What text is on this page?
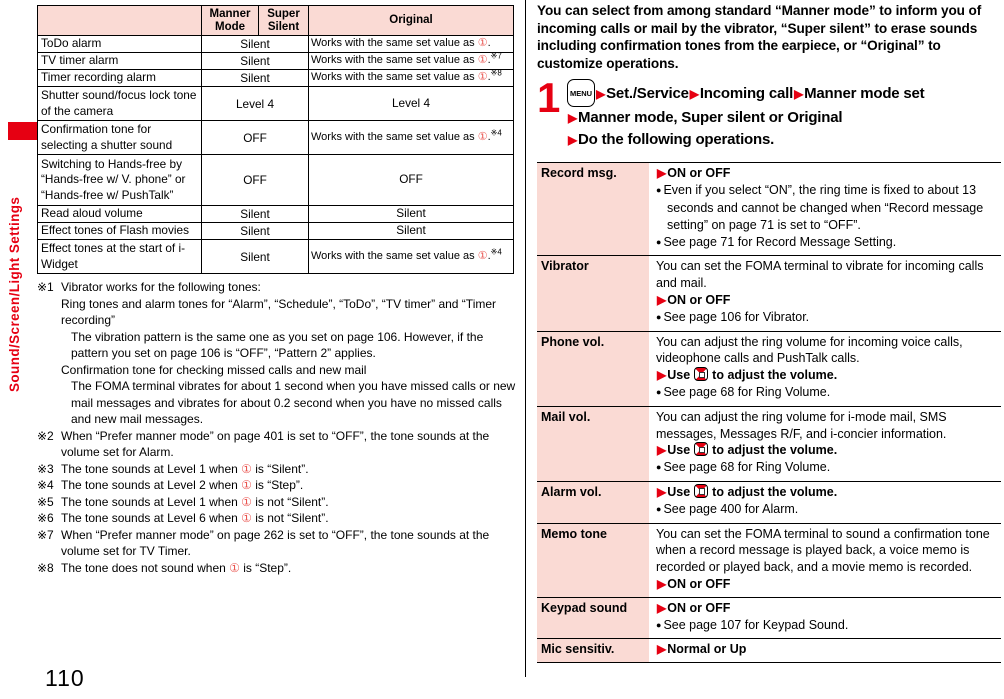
Sound/Screen/Light Settings
110
	Manner Mode	Super Silent	Original
ToDo alarm	Silent		Works with the same set value as ①.
TV timer alarm	Silent		Works with the same set value as ①.$^{※7}$
Timer recording alarm	Silent		Works with the same set value as ①.$^{※8}$
Shutter sound/focus lock tone of the camera	Level 4		Level 4
Confirmation tone for selecting a shutter sound	OFF		Works with the same set value as ①.$^{※4}$
Switching to Hands-free by “Hands-free w/ V. phone” or “Hands-free w/ PushTalk”	OFF		OFF
Read aloud volume	Silent		Silent
Effect tones of Flash movies	Silent		Silent
Effect tones at the start of i-Widget	Silent		Works with the same set value as ①.$^{※4}$
※1 Vibrator works for the following tones:
Ring tones and alarm tones for “Alarm”, “Schedule”, “ToDo”, “TV timer” and “Timer recording”
The vibration pattern is the same one as you set on page 106. However, if the pattern you set on page 106 is “OFF”, “Pattern 2” applies.
Confirmation tone for checking missed calls and new mail
The FOMA terminal vibrates for about 1 second when you have missed calls or new mail messages and vibrates for about 0.2 second when you have no missed calls and new mail messages.
※2 When “Prefer manner mode” on page 401 is set to “OFF”, the tone sounds at the volume set for Alarm.
※3 The tone sounds at Level 1 when ① is “Silent”.
※4 The tone sounds at Level 2 when ① is “Step”.
※5 The tone sounds at Level 1 when ① is not “Silent”.
※6 The tone sounds at Level 6 when ① is not “Silent”.
※7 When “Prefer manner mode” on page 262 is set to “OFF”, the tone sounds at the volume set for TV Timer.
※8 The tone does not sound when ① is “Step”.
You can select from among standard “Manner mode” to inform you of incoming calls or mail by the vibrator, “Super silent” to erase sounds including confirmation tones from the earpiece, or “Original” to customize operations.
1	MENU ▶Set./Service▶Incoming call▶Manner mode set
▶Manner mode, Super silent or Original
▶Do the following operations.
Record msg.	▶ON or OFF
● Even if you select “ON”, the ring time is fixed to about 13 seconds and cannot be changed when “Record message setting” on page 71 is set to “OFF”.
● See page 71 for Record Message Setting.
Vibrator	You can set the FOMA terminal to vibrate for incoming calls and mail.
▶ON or OFF
● See page 106 for Vibrator.
Phone vol.	You can adjust the ring volume for incoming voice calls, videophone calls and PushTalk calls.
▶Use to adjust the volume.
● See page 68 for Ring Volume.
Mail vol.	You can adjust the ring volume for i-mode mail, SMS messages, Messages R/F, and i-concier information.
▶Use to adjust the volume.
● See page 68 for Ring Volume.
Alarm vol.	▶Use to adjust the volume.
● See page 400 for Alarm.
Memo tone	You can set the FOMA terminal to sound a confirmation tone when a record message is played back, a voice memo is recorded or played back, and a movie memo is recorded.
▶ON or OFF
Keypad sound	▶ON or OFF
● See page 107 for Keypad Sound.
Mic sensitiv.	▶Normal or Up
